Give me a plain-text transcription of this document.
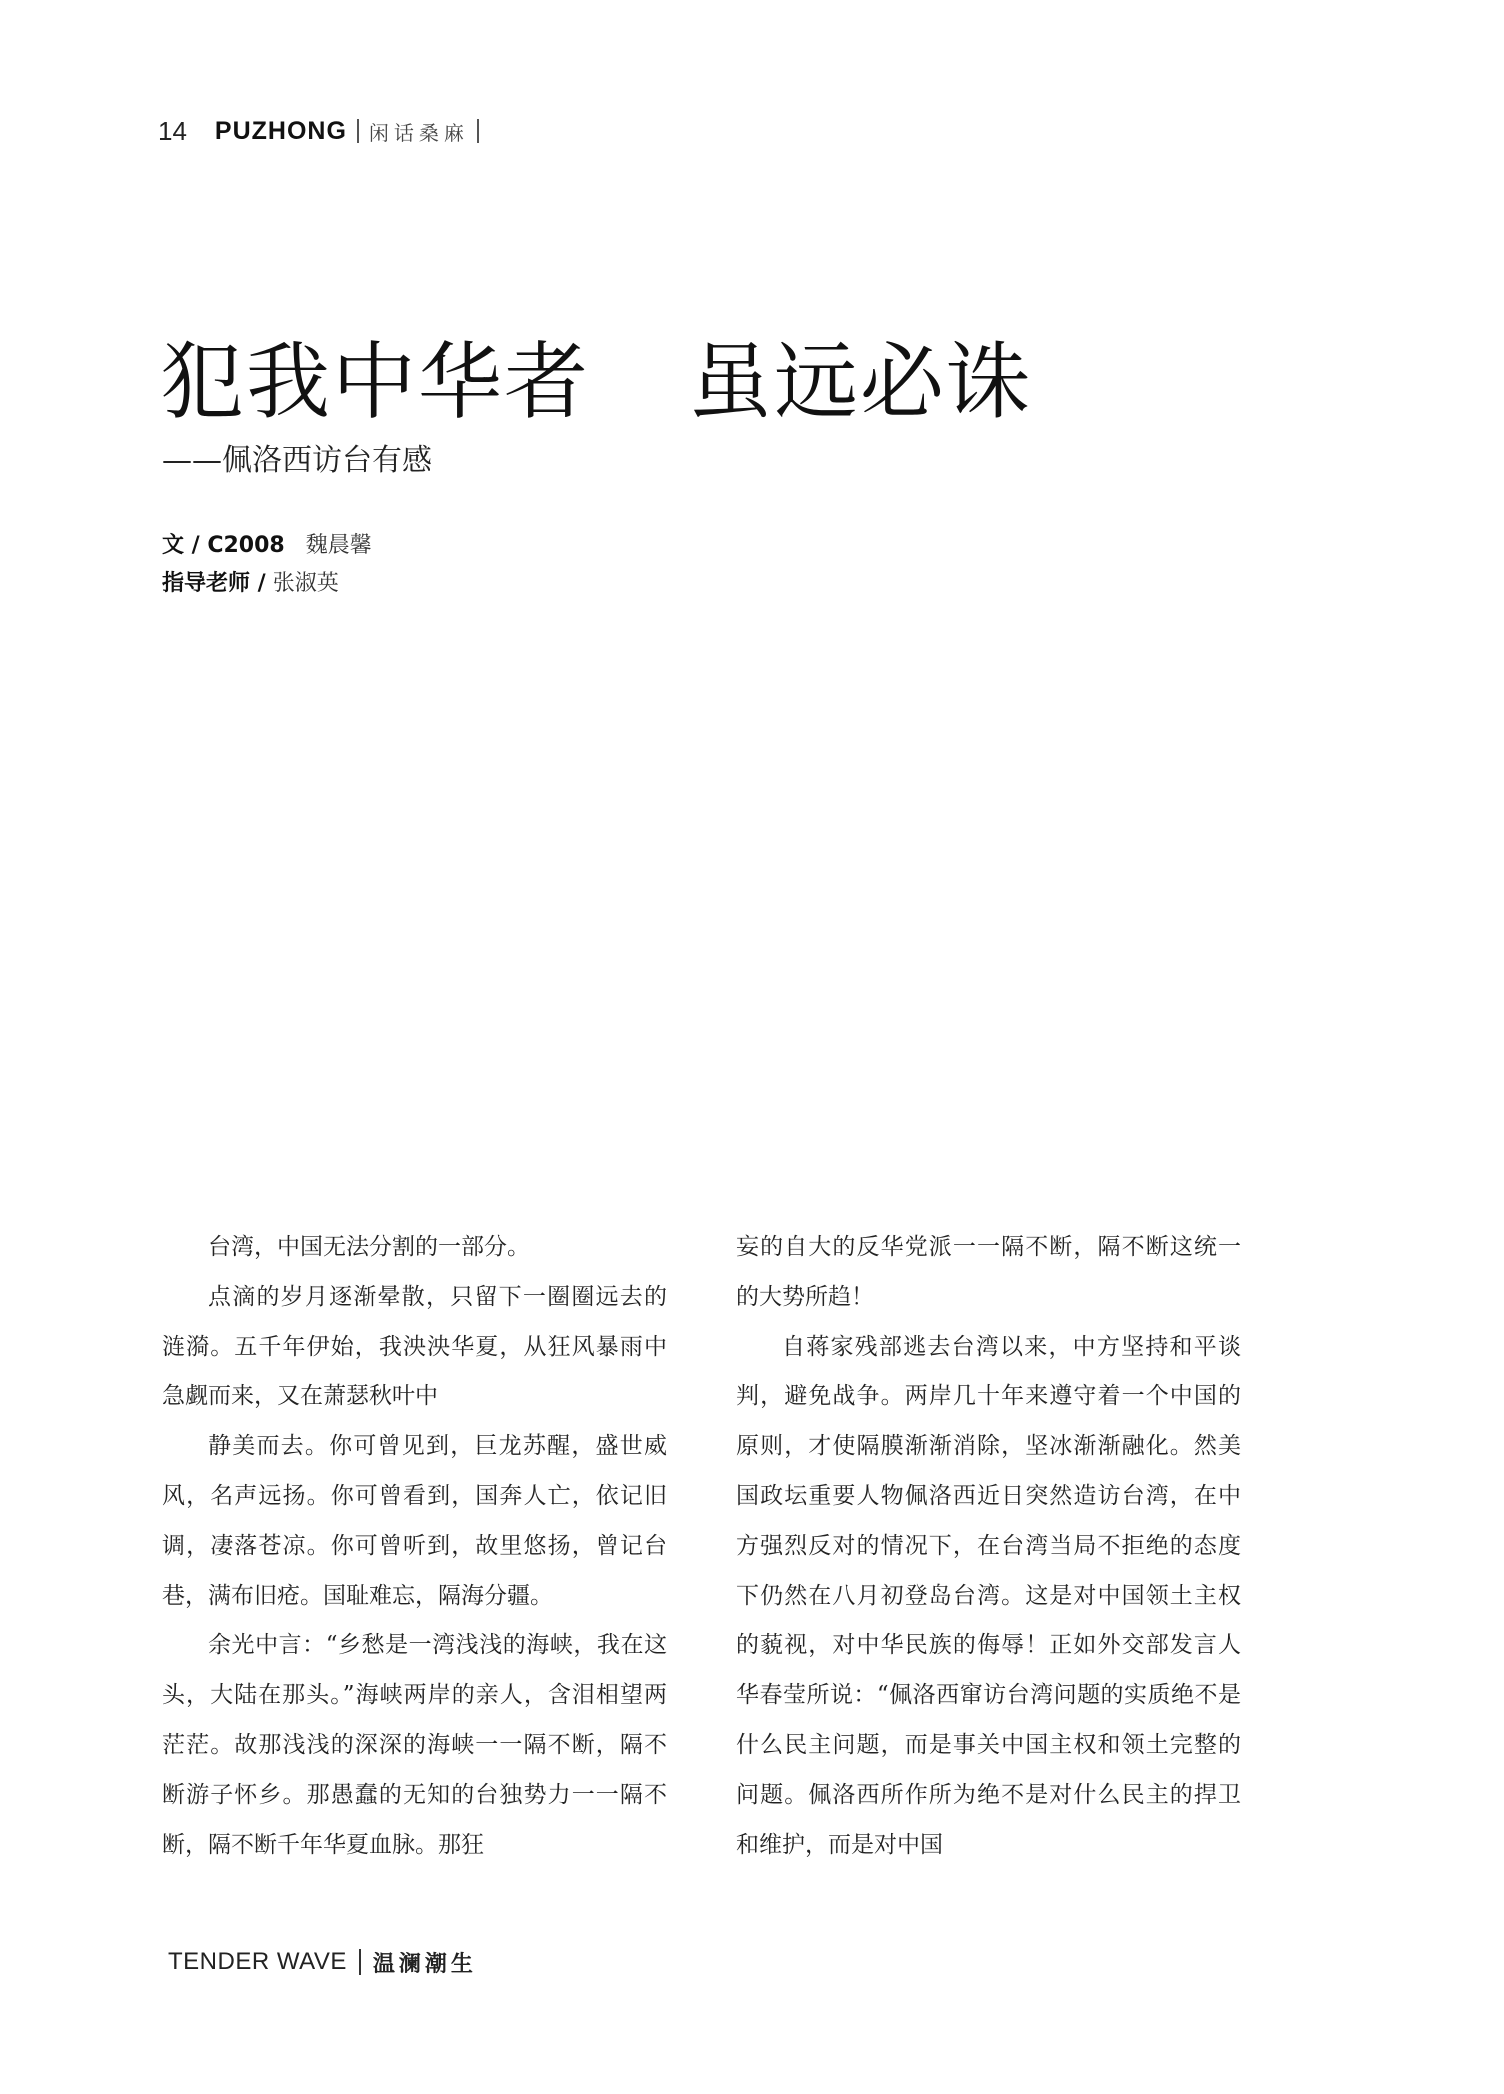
14 PUZHONG 闲话桑麻
犯我中华者 虽远必诛
——佩洛西访台有感
文 / C2008 魏晨馨
指导老师 / 张淑英

台湾，中国无法分割的一部分。

点滴的岁月逐渐晕散，只留下一圈圈远去的涟漪。五千年伊始，我泱泱华夏，从狂风暴雨中急觑而来，又在萧瑟秋叶中

静美而去。你可曾见到，巨龙苏醒，盛世威风，名声远扬。你可曾看到，国奔人亡，依记旧调，凄落苍凉。你可曾听到，故里悠扬，曾记台巷，满布旧疮。国耻难忘，隔海分疆。

余光中言：“乡愁是一湾浅浅的海峡，我在这头，大陆在那头。”海峡两岸的亲人，含泪相望两茫茫。故那浅浅的深深的海峡一一隔不断，隔不断游子怀乡。那愚蠢的无知的台独势力一一隔不断，隔不断千年华夏血脉。那狂

妄的自大的反华党派一一隔不断，隔不断这统一的大势所趋！

自蒋家残部逃去台湾以来，中方坚持和平谈判，避免战争。两岸几十年来遵守着一个中国的原则，才使隔膜渐渐消除，坚冰渐渐融化。然美国政坛重要人物佩洛西近日突然造访台湾，在中方强烈反对的情况下，在台湾当局不拒绝的态度下仍然在八月初登岛台湾。这是对中国领土主权的藐视，对中华民族的侮辱！正如外交部发言人华春莹所说：“佩洛西窜访台湾问题的实质绝不是什么民主问题，而是事关中国主权和领土完整的问题。佩洛西所作所为绝不是对什么民主的捍卫和维护，而是对中国

TENDER WAVE 温澜潮生
